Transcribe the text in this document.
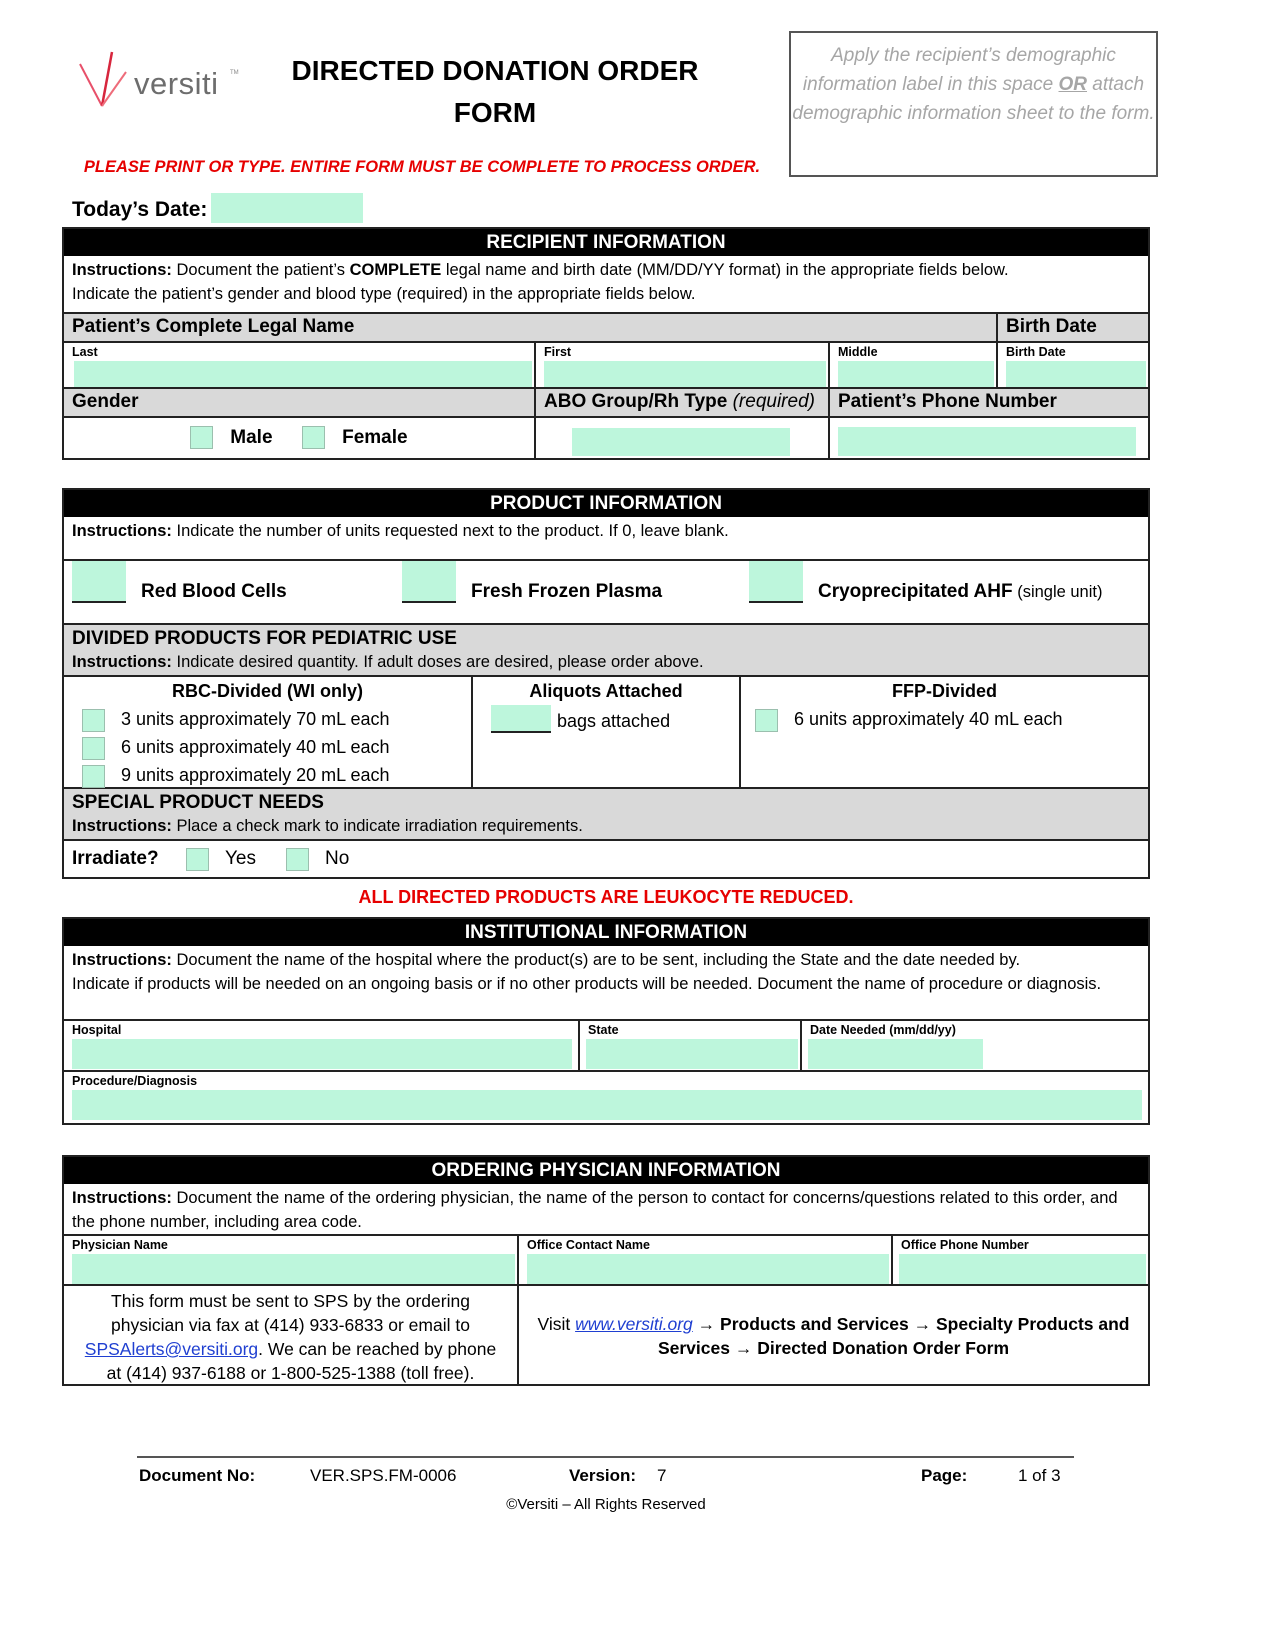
versiti TM	DIRECTED DONATION ORDER
FORM
PLEASE PRINT OR TYPE. ENTIRE FORM MUST BE COMPLETE TO PROCESS ORDER.
Apply the recipient’s demographic information label in this space OR attach demographic information sheet to the form.
Today’s Date:
RECIPIENT INFORMATION
Instructions: Document the patient’s COMPLETE legal name and birth date (MM/DD/YY format) in the appropriate fields below.
Indicate the patient’s gender and blood type (required) in the appropriate fields below.
Patient’s Complete Legal Name	Birth Date
Last	First	Middle	Birth Date
Gender	ABO Group/Rh Type (required)	Patient’s Phone Number
Male	Female
PRODUCT INFORMATION
Instructions: Indicate the number of units requested next to the product. If 0, leave blank.
Red Blood Cells	Fresh Frozen Plasma	Cryoprecipitated AHF (single unit)
DIVIDED PRODUCTS FOR PEDIATRIC USE
Instructions: Indicate desired quantity. If adult doses are desired, please order above.
RBC-Divided (WI only)
3 units approximately 70 mL each
6 units approximately 40 mL each
9 units approximately 20 mL each
Aliquots Attached
bags attached
FFP-Divided
6 units approximately 40 mL each
SPECIAL PRODUCT NEEDS
Instructions: Place a check mark to indicate irradiation requirements.
Irradiate?	Yes	No
ALL DIRECTED PRODUCTS ARE LEUKOCYTE REDUCED.
INSTITUTIONAL INFORMATION
Instructions: Document the name of the hospital where the product(s) are to be sent, including the State and the date needed by.
Indicate if products will be needed on an ongoing basis or if no other products will be needed. Document the name of procedure or diagnosis.
Hospital	State	Date Needed (mm/dd/yy)
Procedure/Diagnosis
ORDERING PHYSICIAN INFORMATION
Instructions: Document the name of the ordering physician, the name of the person to contact for concerns/questions related to this order, and the phone number, including area code.
Physician Name	Office Contact Name	Office Phone Number
This form must be sent to SPS by the ordering physician via fax at (414) 933-6833 or email to SPSAlerts@versiti.org. We can be reached by phone at (414) 937-6188 or 1-800-525-1388 (toll free).
Visit www.versiti.org → Products and Services → Specialty Products and Services → Directed Donation Order Form
Document No:	VER.SPS.FM-0006	Version: 7	Page:	1 of 3
©Versiti – All Rights Reserved
